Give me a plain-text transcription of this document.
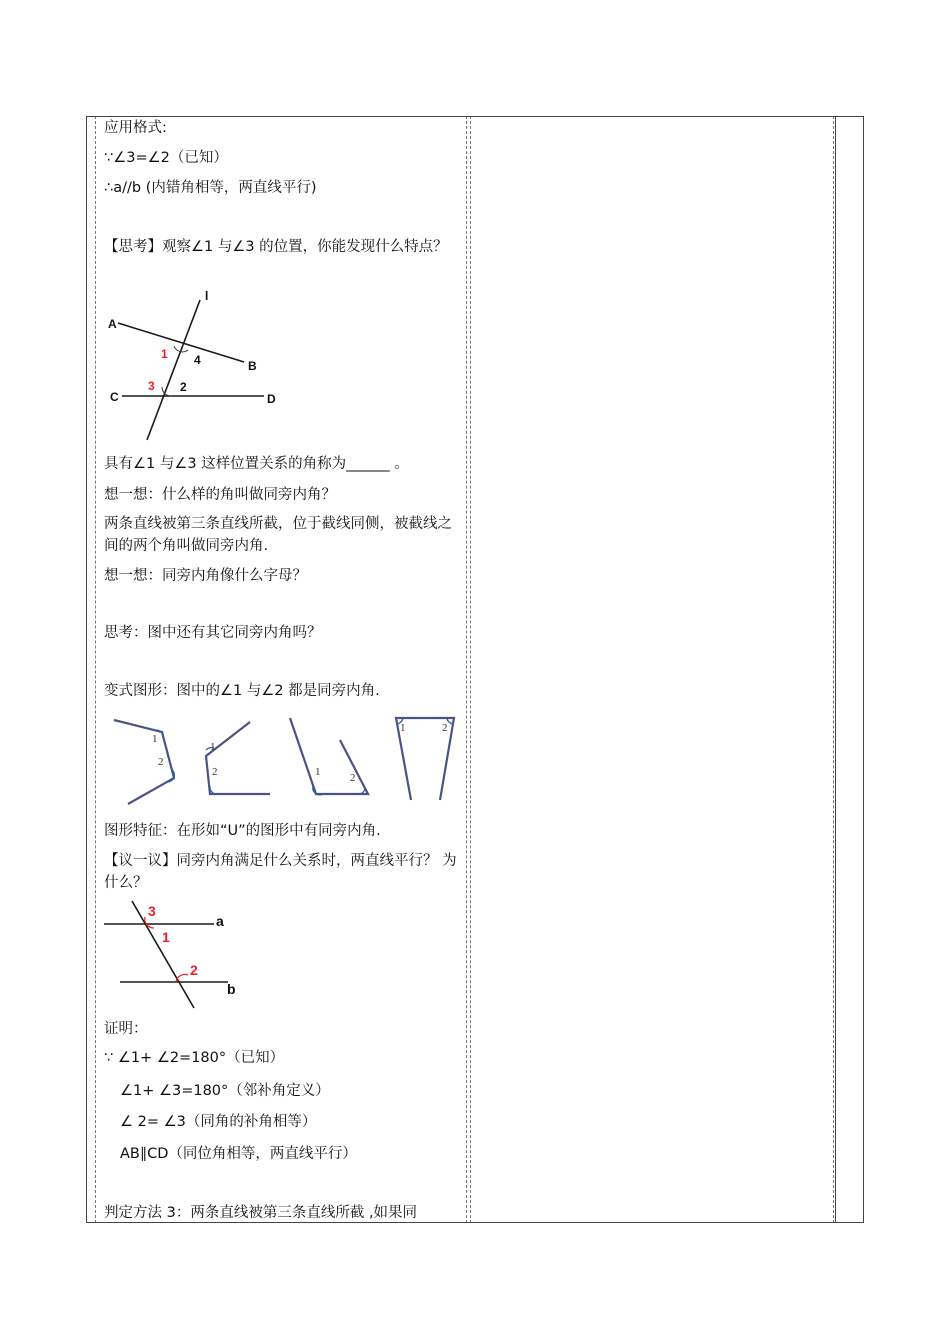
应用格式:
∵∠3=∠2（已知）
∴a//b (内错角相等，两直线平行)
【思考】观察∠1 与∠3 的位置，你能发现什么特点？
l
A
B
C	D
1 4
3 2
具有∠1 与∠3 这样位置关系的角称为______ 。
想一想：什么样的角叫做同旁内角？
两条直线被第三条直线所截，位于截线同侧，被截线之间的两个角叫做同旁内角.
想一想：同旁内角像什么字母？
思考：图中还有其它同旁内角吗？
变式图形：图中的∠1 与∠2 都是同旁内角.
1
2
1
2	1	2
1	2
图形特征：在形如“U”的图形中有同旁内角.
【议一议】同旁内角满足什么关系时，两直线平行？ 为什么？
3
1
2
a
b
证明：
∵ ∠1+ ∠2=180°（已知）
∠1+ ∠3=180°（邻补角定义）
∠ 2= ∠3（同角的补角相等）
AB∥CD（同位角相等，两直线平行）
判定方法 3：两条直线被第三条直线所截 ,如果同
